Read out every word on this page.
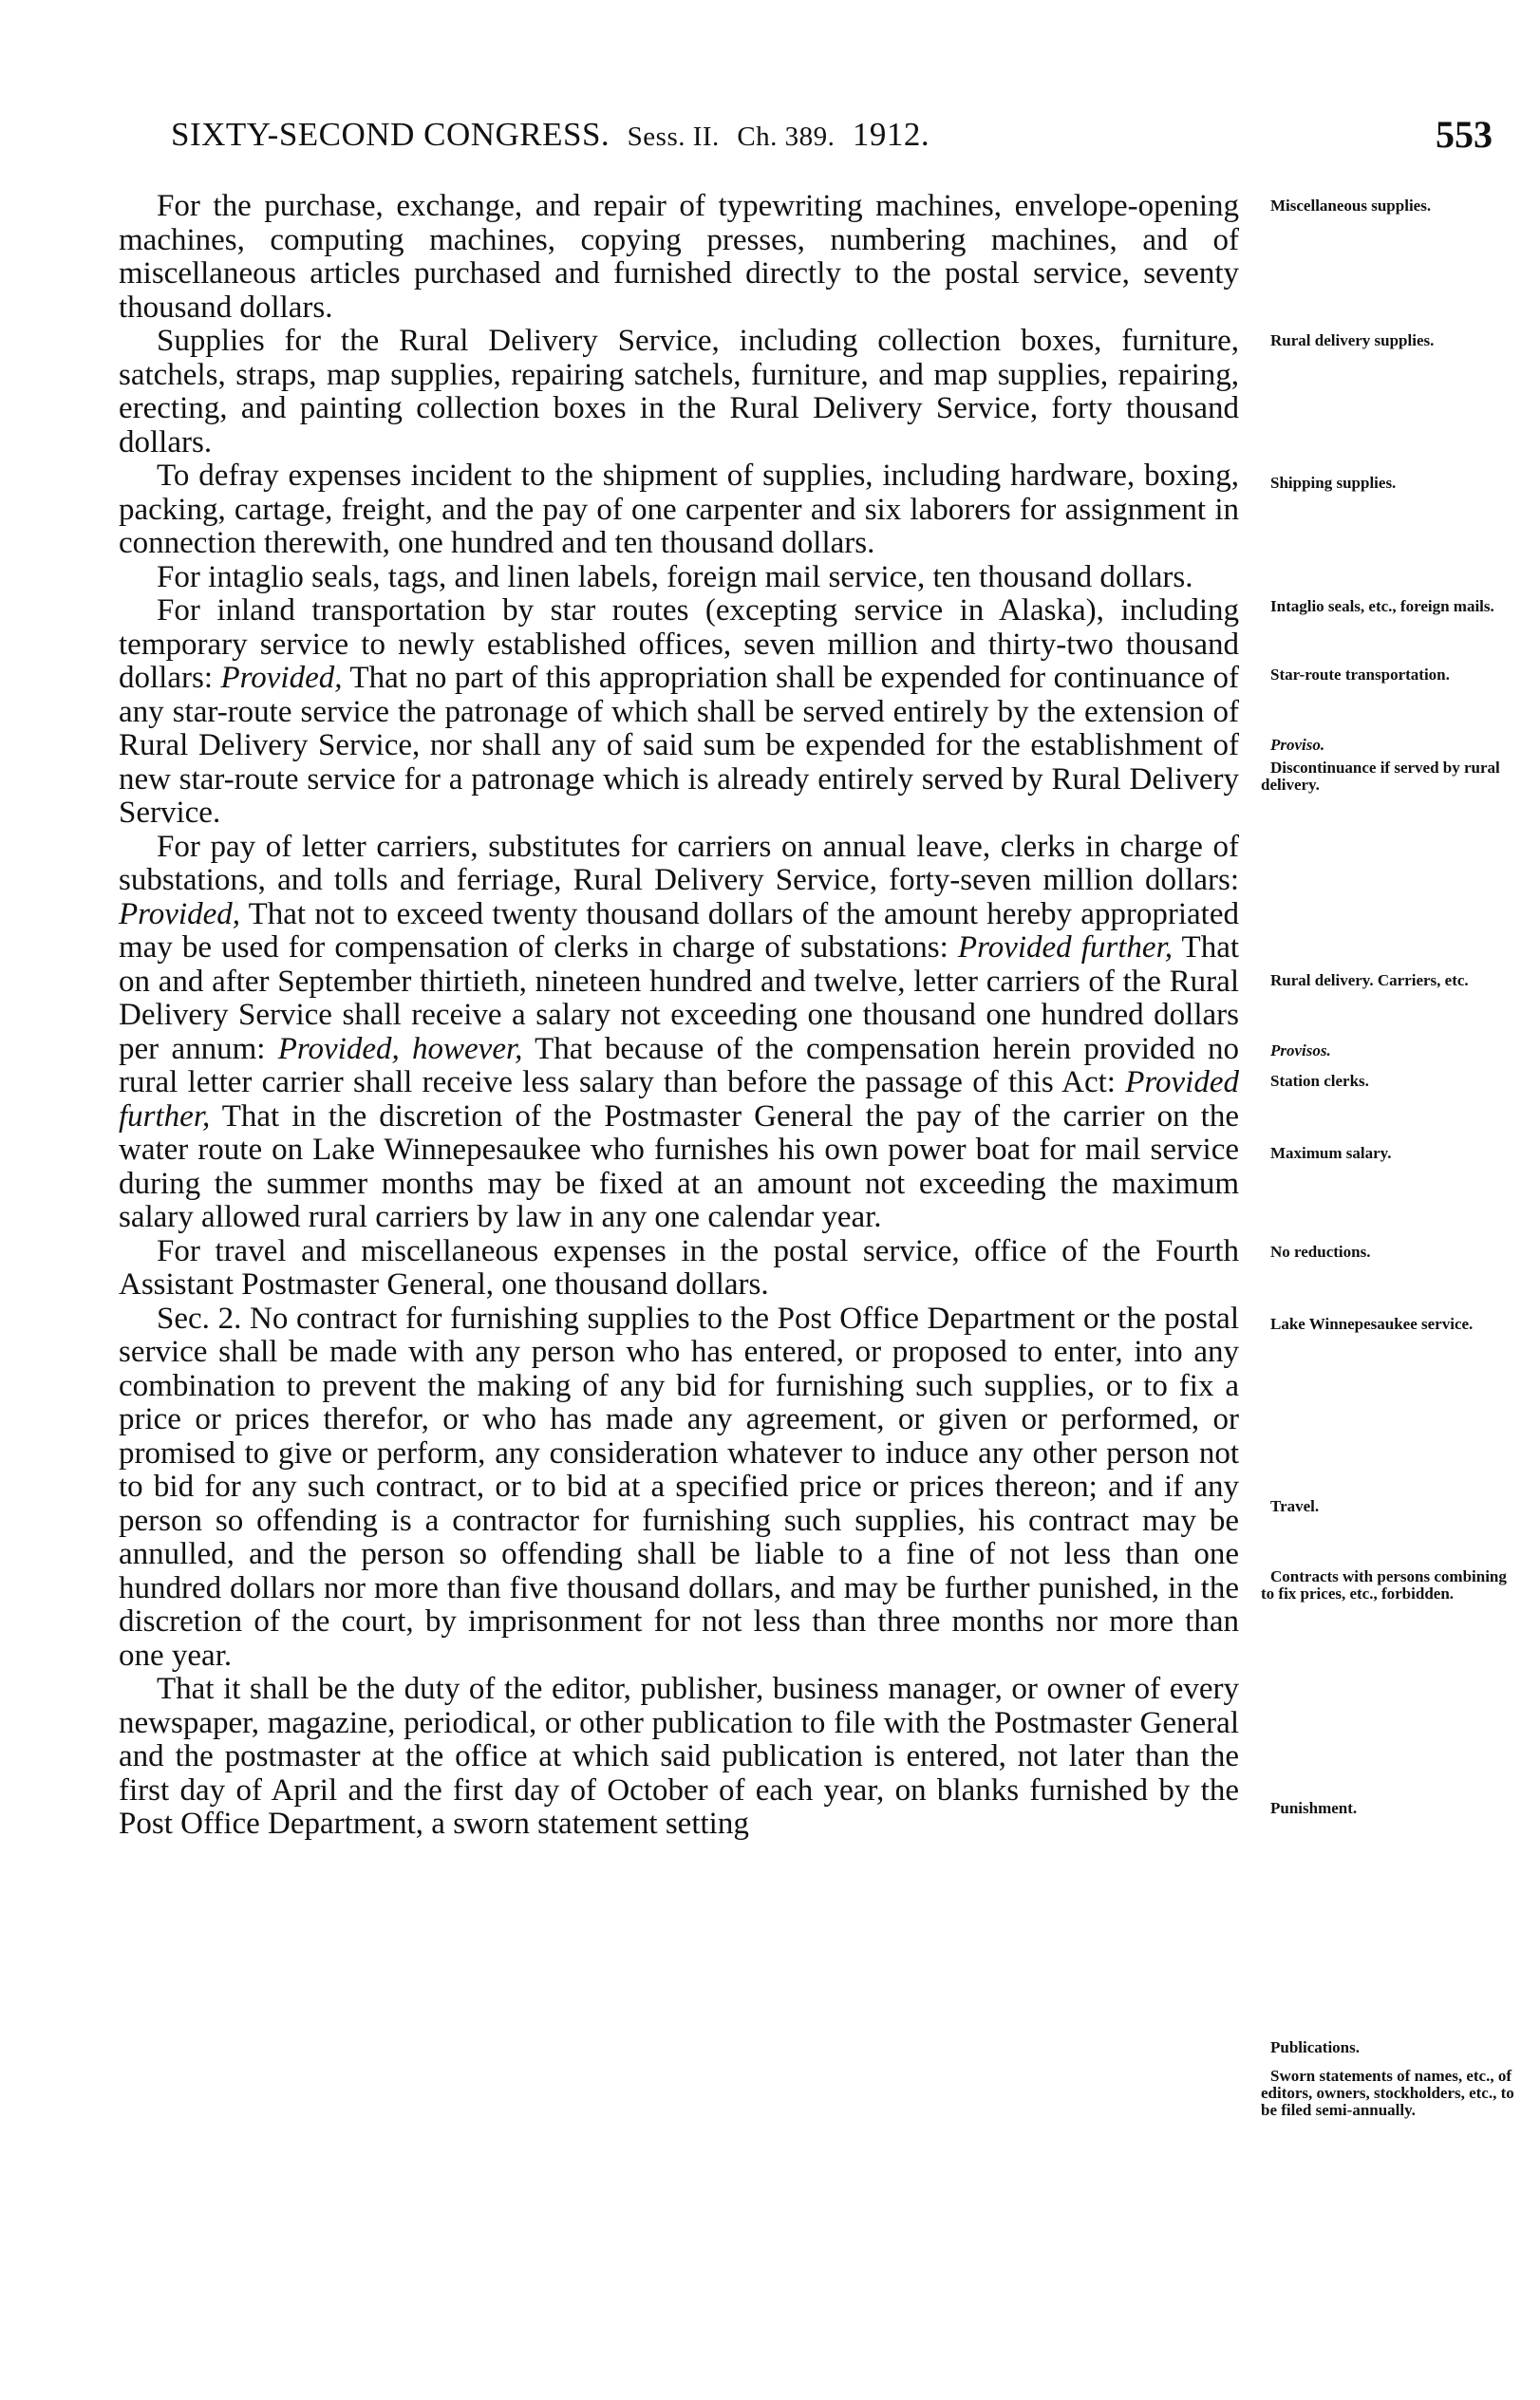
SIXTY-SECOND CONGRESS. Sess. II. Ch. 389. 1912.	553

For the purchase, exchange, and repair of typewriting machines, envelope-opening machines, computing machines, copying presses, numbering machines, and of miscellaneous articles purchased and furnished directly to the postal service, seventy thousand dollars.

Supplies for the Rural Delivery Service, including collection boxes, furniture, satchels, straps, map supplies, repairing satchels, furniture, and map supplies, repairing, erecting, and painting collection boxes in the Rural Delivery Service, forty thousand dollars.

To defray expenses incident to the shipment of supplies, including hardware, boxing, packing, cartage, freight, and the pay of one carpenter and six laborers for assignment in connection therewith, one hundred and ten thousand dollars.

For intaglio seals, tags, and linen labels, foreign mail service, ten thousand dollars.

For inland transportation by star routes (excepting service in Alaska), including temporary service to newly established offices, seven million and thirty-two thousand dollars: Provided, That no part of this appropriation shall be expended for continuance of any star-route service the patronage of which shall be served entirely by the extension of Rural Delivery Service, nor shall any of said sum be expended for the establishment of new star-route service for a patronage which is already entirely served by Rural Delivery Service.

For pay of letter carriers, substitutes for carriers on annual leave, clerks in charge of substations, and tolls and ferriage, Rural Delivery Service, forty-seven million dollars: Provided, That not to exceed twenty thousand dollars of the amount hereby appropriated may be used for compensation of clerks in charge of substations: Provided further, That on and after September thirtieth, nineteen hundred and twelve, letter carriers of the Rural Delivery Service shall receive a salary not exceeding one thousand one hundred dollars per annum: Provided, however, That because of the compensation herein provided no rural letter carrier shall receive less salary than before the passage of this Act: Provided further, That in the discretion of the Postmaster General the pay of the carrier on the water route on Lake Winnepesaukee who furnishes his own power boat for mail service during the summer months may be fixed at an amount not exceeding the maximum salary allowed rural carriers by law in any one calendar year.

For travel and miscellaneous expenses in the postal service, office of the Fourth Assistant Postmaster General, one thousand dollars.

Sec. 2. No contract for furnishing supplies to the Post Office Department or the postal service shall be made with any person who has entered, or proposed to enter, into any combination to prevent the making of any bid for furnishing such supplies, or to fix a price or prices therefor, or who has made any agreement, or given or performed, or promised to give or perform, any consideration whatever to induce any other person not to bid for any such contract, or to bid at a specified price or prices thereon; and if any person so offending is a contractor for furnishing such supplies, his contract may be annulled, and the person so offending shall be liable to a fine of not less than one hundred dollars nor more than five thousand dollars, and may be further punished, in the discretion of the court, by imprisonment for not less than three months nor more than one year.

That it shall be the duty of the editor, publisher, business manager, or owner of every newspaper, magazine, periodical, or other publication to file with the Postmaster General and the postmaster at the office at which said publication is entered, not later than the first day of April and the first day of October of each year, on blanks furnished by the Post Office Department, a sworn statement setting

Miscellaneous supplies.
Rural delivery supplies.
Shipping supplies.
Intaglio seals, etc., foreign mails.
Star-route transportation.
Proviso.
Discontinuance if served by rural delivery.
Rural delivery. Carriers, etc.
Provisos.
Station clerks.
Maximum salary.
No reductions.
Lake Winnepesaukee service.
Travel.
Contracts with persons combining to fix prices, etc., forbidden.
Punishment.
Publications.
Sworn statements of names, etc., of editors, owners, stockholders, etc., to be filed semi-annually.
